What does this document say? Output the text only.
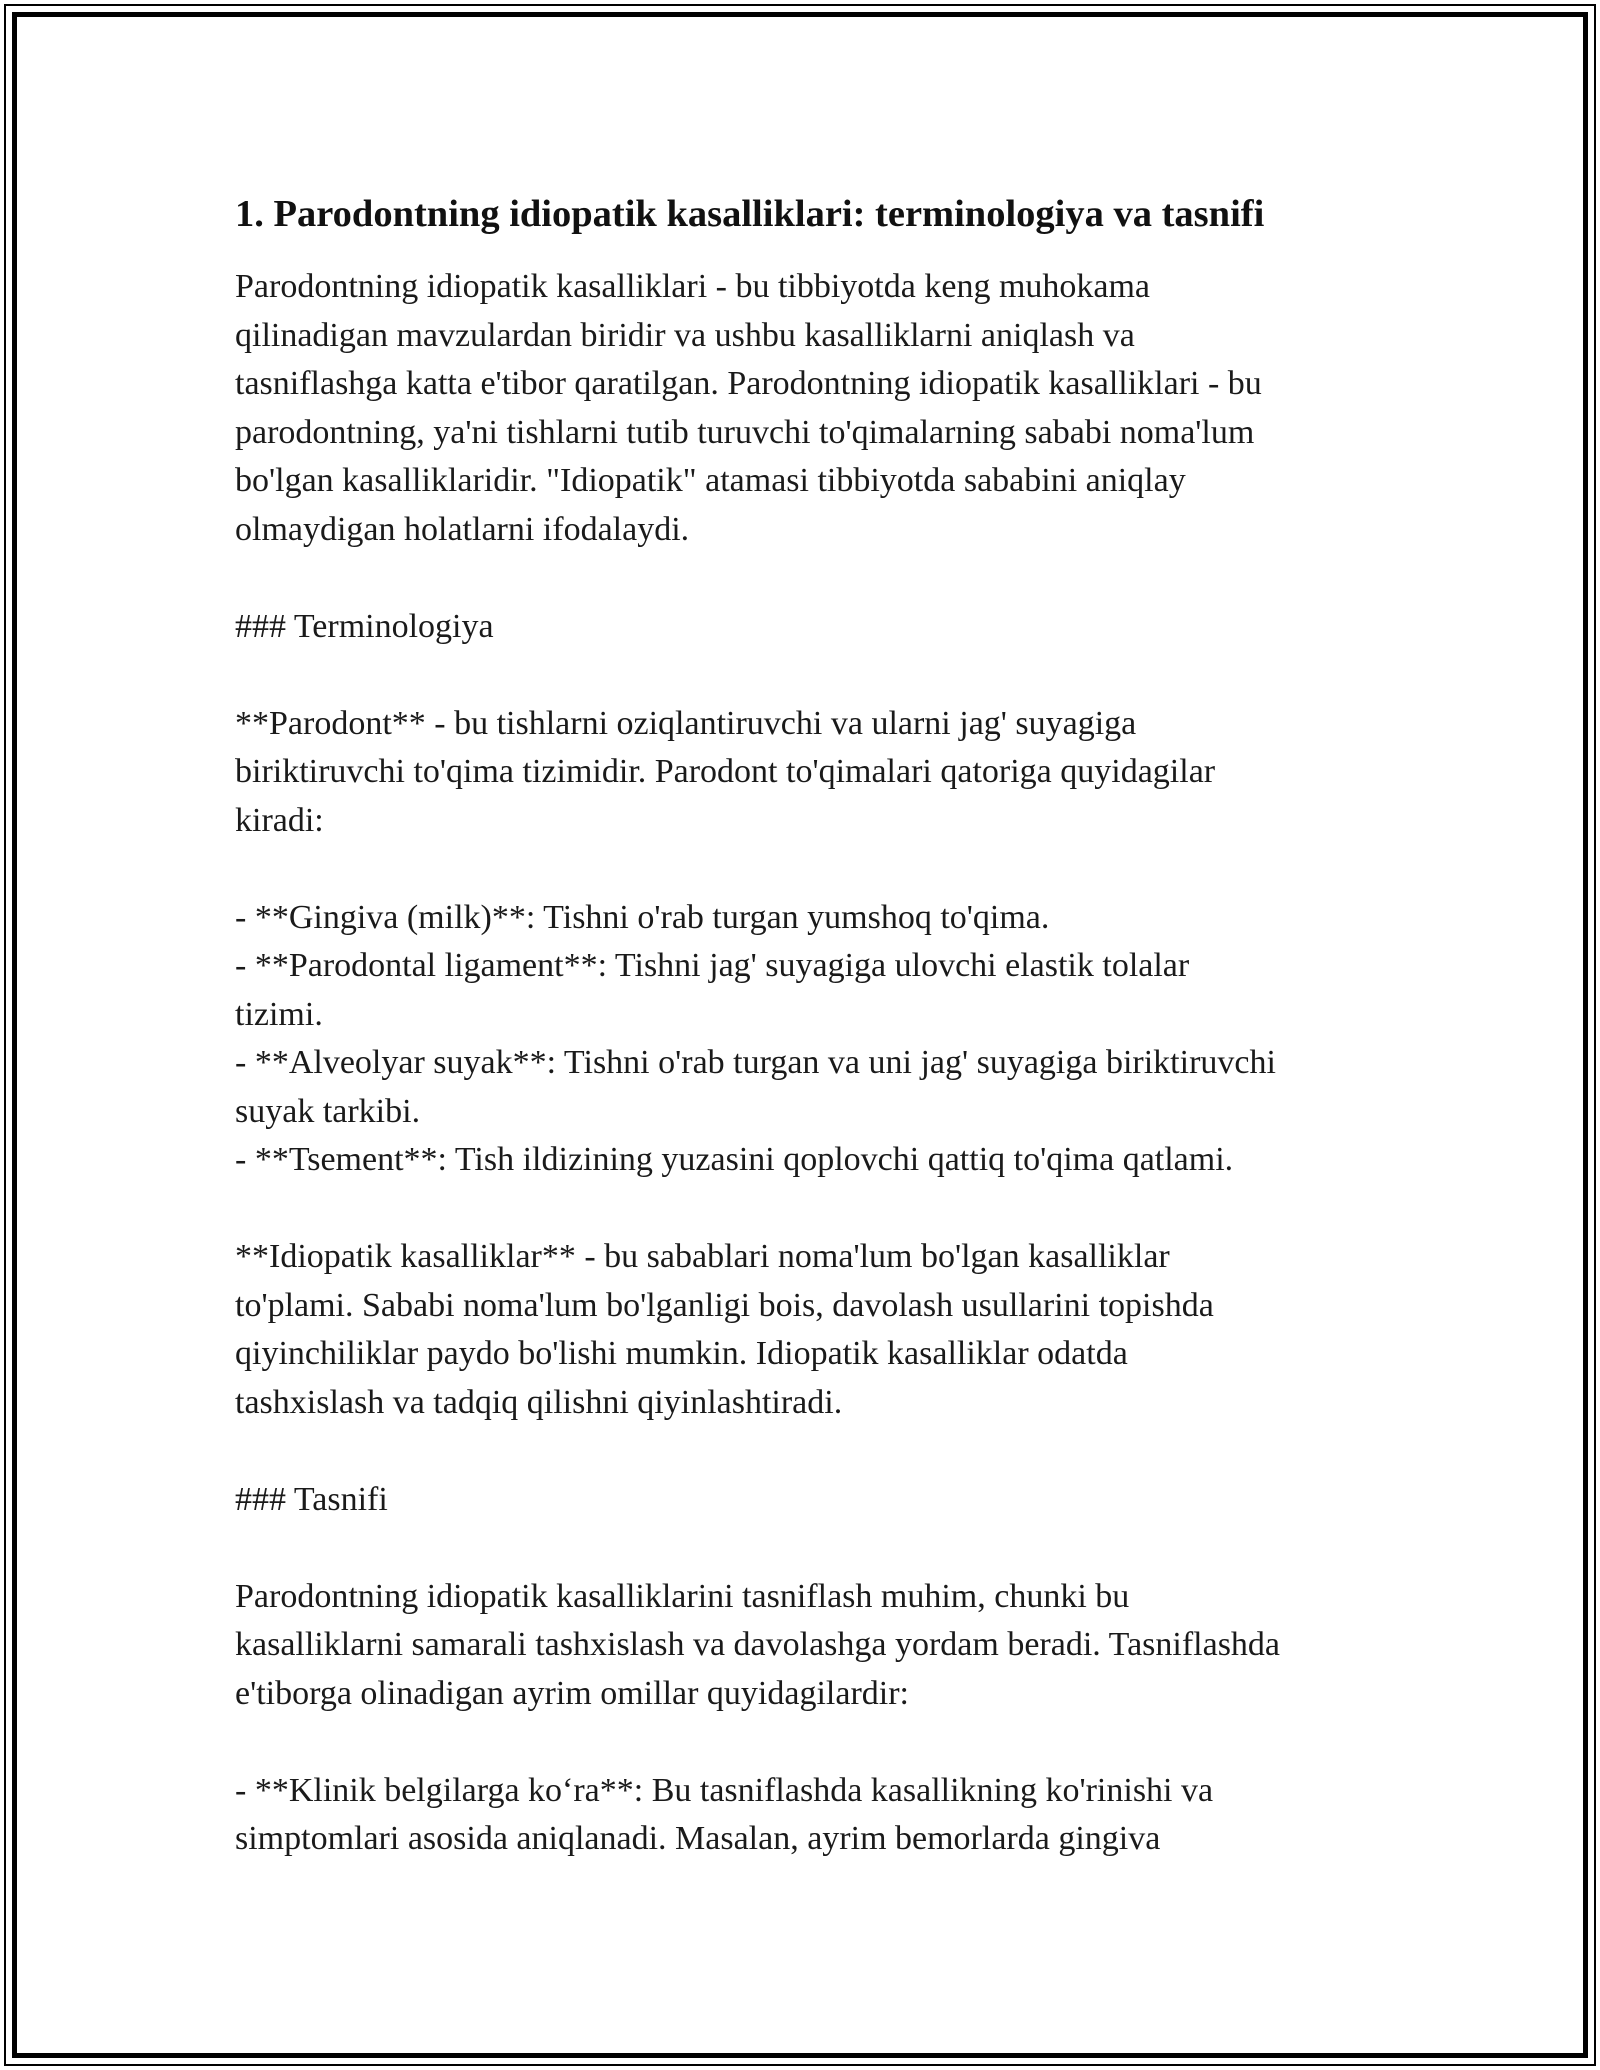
1. Parodontning idiopatik kasalliklari: terminologiya va tasnifi

Parodontning idiopatik kasalliklari - bu tibbiyotda keng muhokama
qilinadigan mavzulardan biridir va ushbu kasalliklarni aniqlash va
tasniflashga katta e'tibor qaratilgan. Parodontning idiopatik kasalliklari - bu
parodontning, ya'ni tishlarni tutib turuvchi to'qimalarning sababi noma'lum
bo'lgan kasalliklaridir. "Idiopatik" atamasi tibbiyotda sababini aniqlay
olmaydigan holatlarni ifodalaydi.

### Terminologiya

**Parodont** - bu tishlarni oziqlantiruvchi va ularni jag' suyagiga
biriktiruvchi to'qima tizimidir. Parodont to'qimalari qatoriga quyidagilar
kiradi:

- **Gingiva (milk)**: Tishni o'rab turgan yumshoq to'qima.
- **Parodontal ligament**: Tishni jag' suyagiga ulovchi elastik tolalar
tizimi.
- **Alveolyar suyak**: Tishni o'rab turgan va uni jag' suyagiga biriktiruvchi
suyak tarkibi.
- **Tsement**: Tish ildizining yuzasini qoplovchi qattiq to'qima qatlami.

**Idiopatik kasalliklar** - bu sabablari noma'lum bo'lgan kasalliklar
to'plami. Sababi noma'lum bo'lganligi bois, davolash usullarini topishda
qiyinchiliklar paydo bo'lishi mumkin. Idiopatik kasalliklar odatda
tashxislash va tadqiq qilishni qiyinlashtiradi.

### Tasnifi

Parodontning idiopatik kasalliklarini tasniflash muhim, chunki bu
kasalliklarni samarali tashxislash va davolashga yordam beradi. Tasniflashda
e'tiborga olinadigan ayrim omillar quyidagilardir:

- **Klinik belgilarga ko‘ra**: Bu tasniflashda kasallikning ko'rinishi va
simptomlari asosida aniqlanadi. Masalan, ayrim bemorlarda gingiva
